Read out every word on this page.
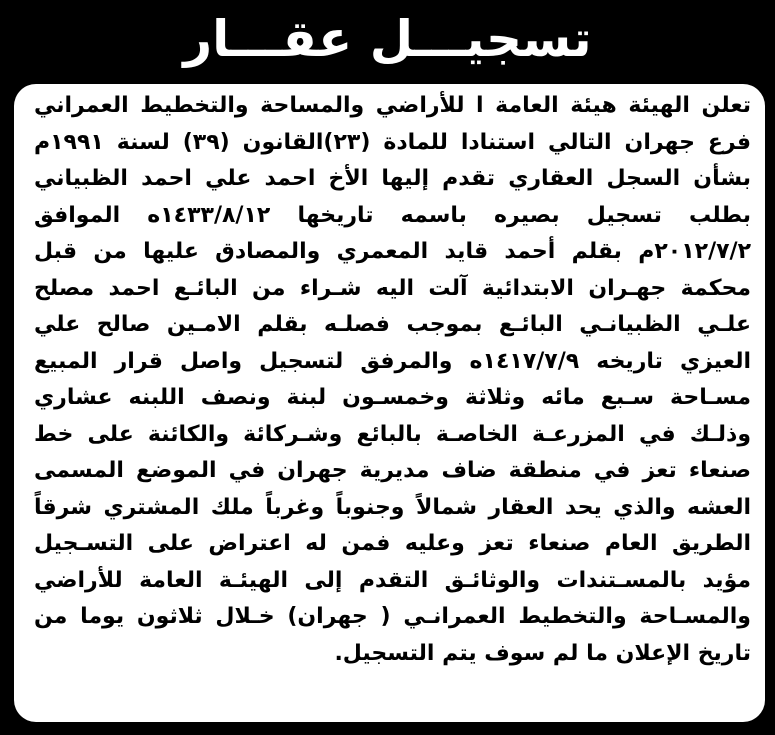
تسجيـــل عقـــار
تعلن الهيئة هيئة العامة ا للأراضي والمساحة والتخطيط العمراني
فرع جهران التالي استنادا للمادة (٢٣)القانون (٣٩) لسنة ١٩٩١م
بشأن السجل العقاري تقدم إليها الأخ احمد علي احمد الظبياني
بطلب تسجيل بصيره باسمه تاريخها ١٤٣٣/٨/١٢ه الموافق
٢٠١٢/٧/٢م بقلم أحمد قايد المعمري والمصادق عليها من قبل
محكمة جهـران الابتدائية آلت اليه شـراء من البائـع احمد مصلح
علـي الظبيانـي البائـع بموجب فصلـه بقلم الامـين صالح علي
العيزي تاريخه ١٤١٧/٧/٩ه والمرفق لتسجيل واصل قرار المبيع
مسـاحة سـبع مائه وثلاثة وخمسـون لبنة ونصف اللبنه عشاري
وذلـك في المزرعـة الخاصـة بالبائع وشـركائة والكائنة على خط
صنعاء تعز في منطقة ضاف مديرية جهران في الموضع المسمى
العشه والذي يحد العقار شمالاً وجنوباً وغرباً ملك المشتري شرقاً
الطريق العام صنعاء تعز وعليه فمن له اعتراض على التسـجيل
مؤيد بالمسـتندات والوثائـق التقدم إلى الهيئـة العامة للأراضي
والمسـاحة والتخطيط العمرانـي ( جهران) خـلال ثلاثون يوما من
تاريخ الإعلان ما لم سوف يتم التسجيل.
